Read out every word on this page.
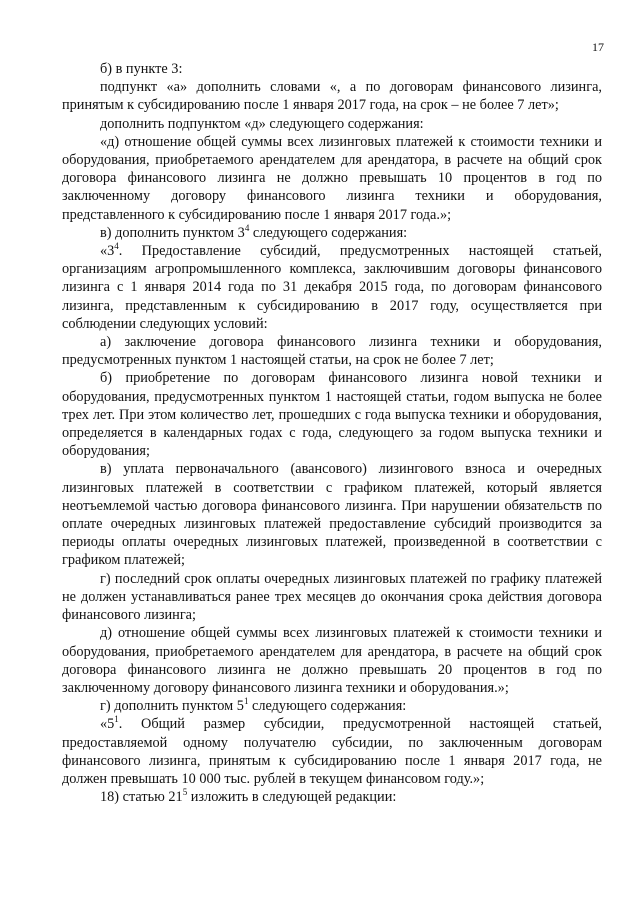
17

б) в пункте 3:

подпункт «а» дополнить словами «, а по договорам финансового лизинга, принятым к субсидированию после 1 января 2017 года, на срок – не более 7 лет»;

дополнить подпунктом «д» следующего содержания:

«д) отношение общей суммы всех лизинговых платежей к стоимости техники и оборудования, приобретаемого арендателем для арендатора, в расчете на общий срок договора финансового лизинга не должно превышать 10 процентов в год по заключенному договору финансового лизинга техники и оборудования, представленного к субсидированию после 1 января 2017 года.»;

в) дополнить пунктом $3^4$ следующего содержания:

«$3^4$. Предоставление субсидий, предусмотренных настоящей статьей, организациям агропромышленного комплекса, заключившим договоры финансового лизинга с 1 января 2014 года по 31 декабря 2015 года, по договорам финансового лизинга, представленным к субсидированию в 2017 году, осуществляется при соблюдении следующих условий:

а) заключение договора финансового лизинга техники и оборудования, предусмотренных пунктом 1 настоящей статьи, на срок не более 7 лет;

б) приобретение по договорам финансового лизинга новой техники и оборудования, предусмотренных пунктом 1 настоящей статьи, годом выпуска не более трех лет. При этом количество лет, прошедших с года выпуска техники и оборудования, определяется в календарных годах с года, следующего за годом выпуска техники и оборудования;

в) уплата первоначального (авансового) лизингового взноса и очередных лизинговых платежей в соответствии с графиком платежей, который является неотъемлемой частью договора финансового лизинга. При нарушении обязательств по оплате очередных лизинговых платежей предоставление субсидий производится за периоды оплаты очередных лизинговых платежей, произведенной в соответствии с графиком платежей;

г) последний срок оплаты очередных лизинговых платежей по графику платежей не должен устанавливаться ранее трех месяцев до окончания срока действия договора финансового лизинга;

д) отношение общей суммы всех лизинговых платежей к стоимости техники и оборудования, приобретаемого арендателем для арендатора, в расчете на общий срок договора финансового лизинга не должно превышать 20 процентов в год по заключенному договору финансового лизинга техники и оборудования.»;

г) дополнить пунктом $5^1$ следующего содержания:

«$5^1$. Общий размер субсидии, предусмотренной настоящей статьей, предоставляемой одному получателю субсидии, по заключенным договорам финансового лизинга, принятым к субсидированию после 1 января 2017 года, не должен превышать 10 000 тыс. рублей в текущем финансовом году.»;

18) статью $21^5$ изложить в следующей редакции:
